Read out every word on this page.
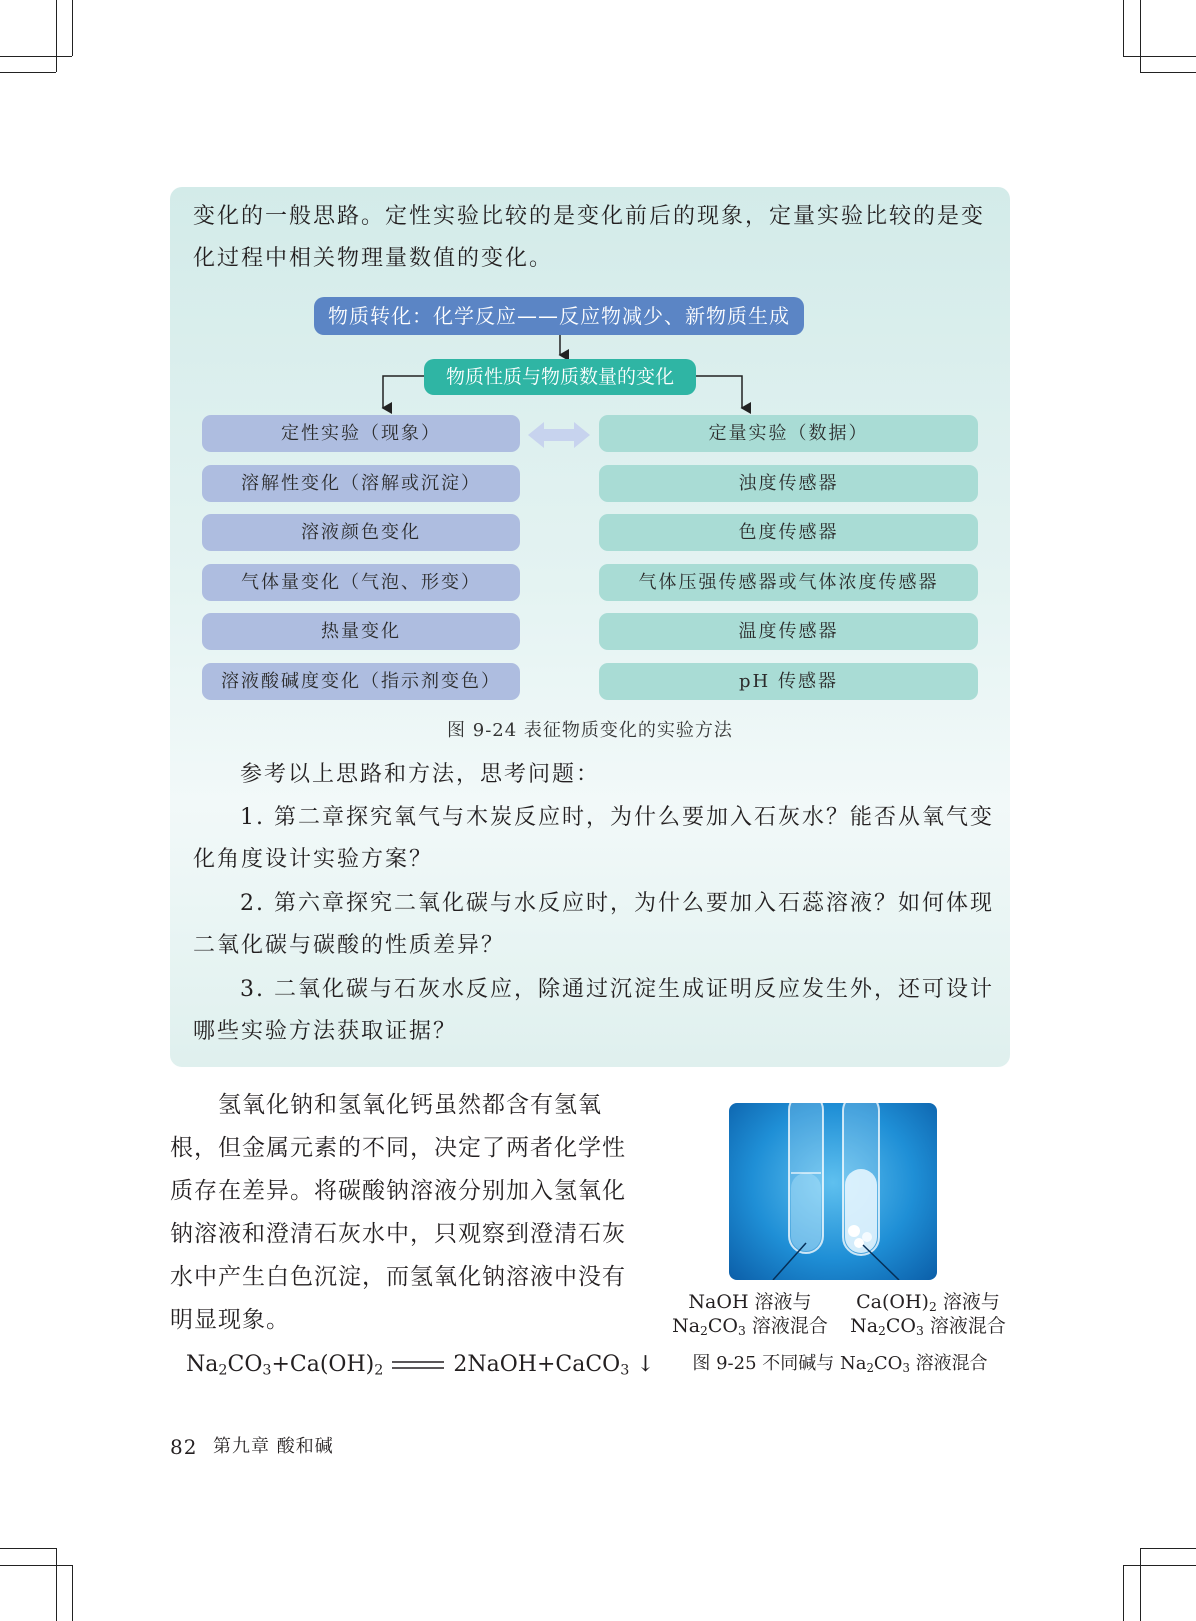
变化的一般思路。定性实验比较的是变化前后的现象，定量实验比较的是变
化过程中相关物理量数值的变化。
物质转化：化学反应——反应物减少、新物质生成
物质性质与物质数量的变化
定性实验（现象）
溶解性变化（溶解或沉淀）
溶液颜色变化
气体量变化（气泡、形变）
热量变化
溶液酸碱度变化（指示剂变色）
定量实验（数据）
浊度传感器
色度传感器
气体压强传感器或气体浓度传感器
温度传感器
pH 传感器
图 9-24 表征物质变化的实验方法
参考以上思路和方法，思考问题：
1. 第二章探究氧气与木炭反应时，为什么要加入石灰水？能否从氧气变
化角度设计实验方案？
2. 第六章探究二氧化碳与水反应时，为什么要加入石蕊溶液？如何体现
二氧化碳与碳酸的性质差异？
3. 二氧化碳与石灰水反应，除通过沉淀生成证明反应发生外，还可设计
哪些实验方法获取证据？
氢氧化钠和氢氧化钙虽然都含有氢氧
根，但金属元素的不同，决定了两者化学性
质存在差异。将碳酸钠溶液分别加入氢氧化
钠溶液和澄清石灰水中，只观察到澄清石灰
水中产生白色沉淀，而氢氧化钠溶液中没有
明显现象。
$Na_2CO_3+Ca(OH)_2$	2NaOH+CaCO$_3$ ↓
NaOH 溶液与
$Na_2CO_3$ 溶液混合
$Ca(OH)_2$ 溶液与
$Na_2CO_3$ 溶液混合
图 9-25 不同碱与 $Na_2CO_3$ 溶液混合
82 第九章 酸和碱
